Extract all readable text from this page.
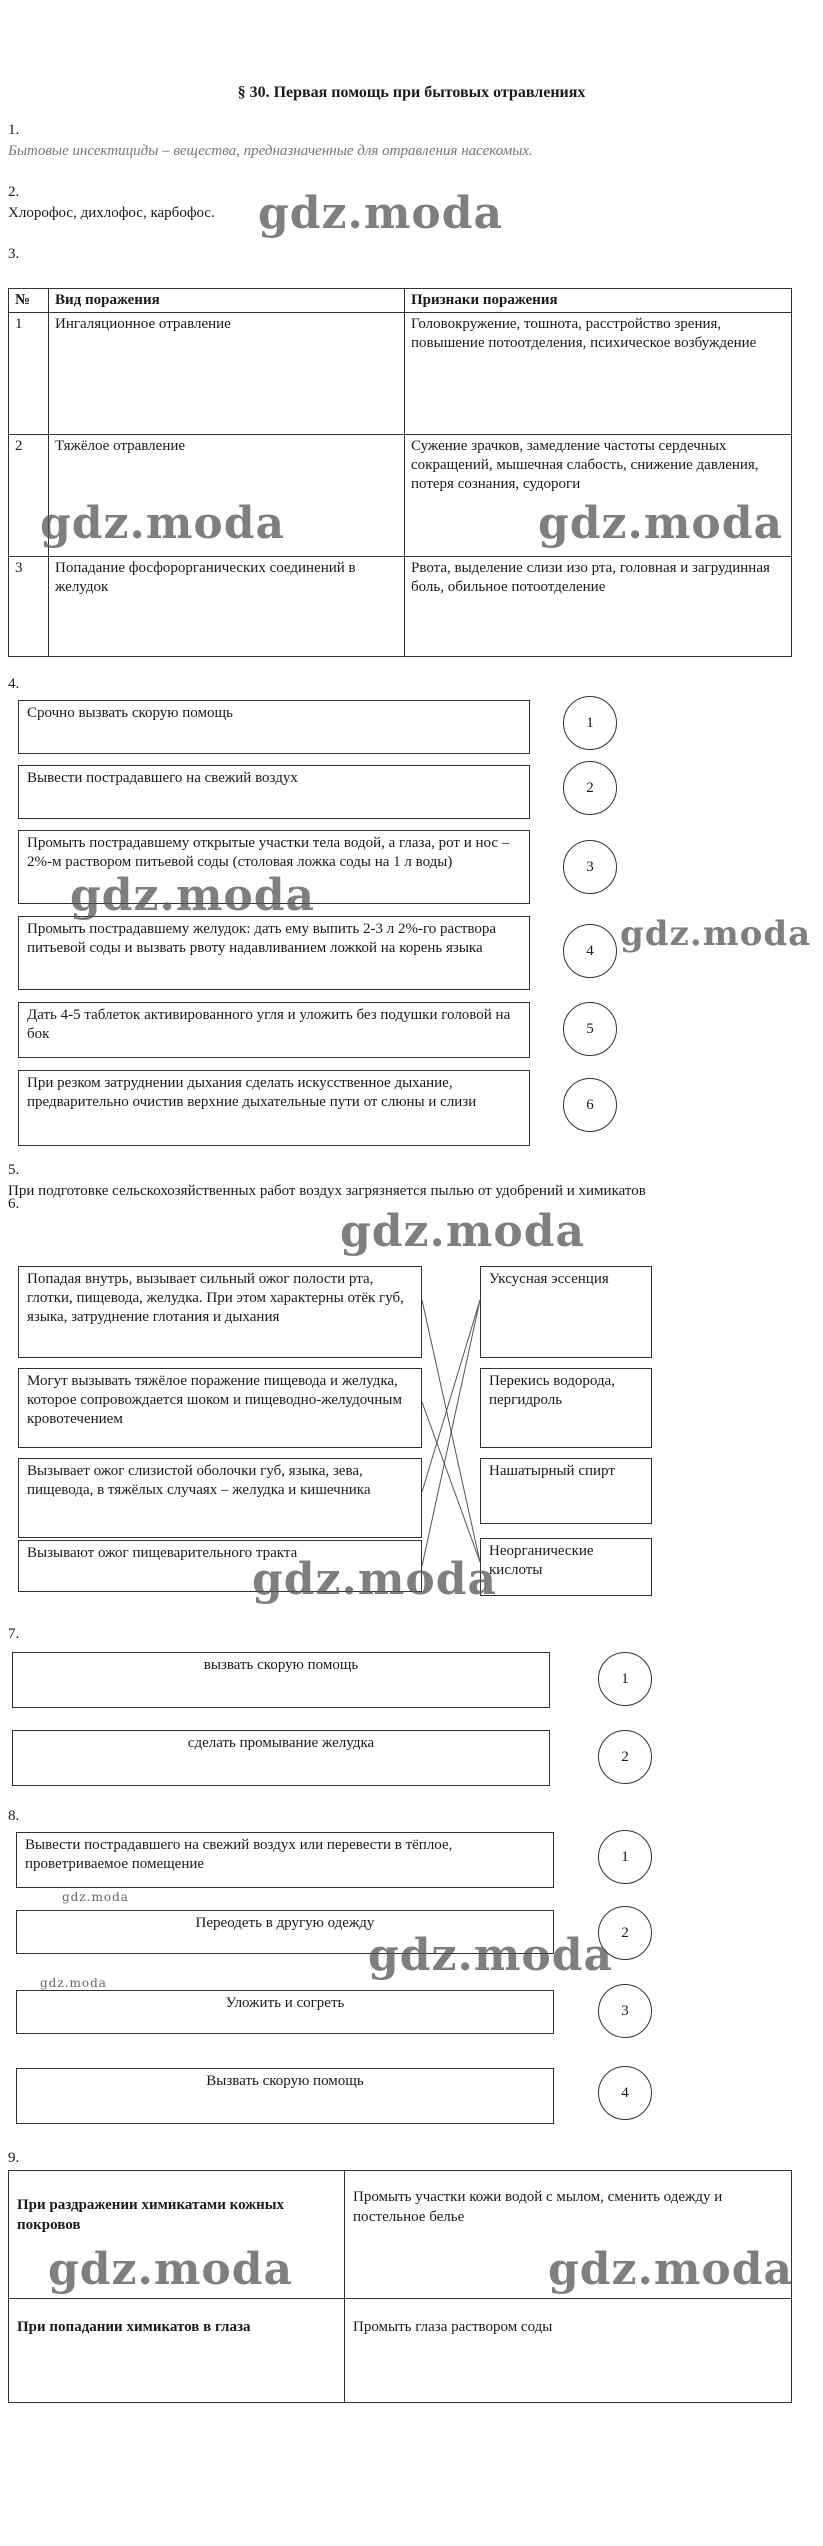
§ 30. Первая помощь при бытовых отравлениях
1.
Бытовые инсектициды – вещества, предназначенные для отравления насекомых.
2.
Хлорофос, дихлофос, карбофос.
3.
№	Вид поражения	Признаки поражения
1	Ингаляционное отравление	Головокружение, тошнота, расстройство зрения, повышение потоотделения, психическое возбуждение
2	Тяжёлое отравление	Сужение зрачков, замедление частоты сердечных сокращений, мышечная слабость, снижение давления, потеря сознания, судороги
3	Попадание фосфорорганических соединений в желудок	Рвота, выделение слизи изо рта, головная и загрудинная боль, обильное потоотделение
4.
Срочно вызвать скорую помощь
1
Вывести пострадавшего на свежий воздух
2
Промыть пострадавшему открытые участки тела водой, а глаза, рот и нос – 2%-м раствором питьевой соды (столовая ложка соды на 1 л воды)	3
Промыть пострадавшему желудок: дать ему выпить 2-3 л 2%-го раствора питьевой соды и вызвать рвоту надавливанием ложкой на корень языка	4
Дать 4-5 таблеток активированного угля и уложить без подушки головой на бок	5
При резком затруднении дыхания сделать искусственное дыхание, предварительно очистив верхние дыхательные пути от слюны и слизи	6
5.
При подготовке сельскохозяйственных работ воздух загрязняется пылью от удобрений и химикатов
6.
Попадая внутрь, вызывает сильный ожог полости рта, глотки, пищевода, желудка. При этом характерны отёк губ, языка, затруднение глотания и дыхания
Могут вызывать тяжёлое поражение пищевода и желудка, которое сопровождается шоком и пищеводно-желудочным кровотечением
Вызывает ожог слизистой оболочки губ, языка, зева, пищевода, в тяжёлых случаях – желудка и кишечника
Вызывают ожог пищеварительного тракта
Уксусная эссенция
Перекись водорода, пергидроль
Нашатырный спирт
Неорганические кислоты
7.
вызвать скорую помощь
1
сделать промывание желудка
2
8.
Вывести пострадавшего на свежий воздух или перевести в тёплое, проветриваемое помещение	1
Переодеть в другую одежду
2
Уложить и согреть	3
Вызвать скорую помощь
4
9.
При раздражении химикатами кожных покровов	Промыть участки кожи водой с мылом, сменить одежду и постельное белье
При попадании химикатов в глаза	Промыть глаза раствором соды
gdz.moda
gdz.moda	gdz.moda
gdz.moda
gdz.moda
gdz.moda
gdz.moda
gdz.moda
gdz.moda
gdz.moda
gdz.moda	gdz.moda
